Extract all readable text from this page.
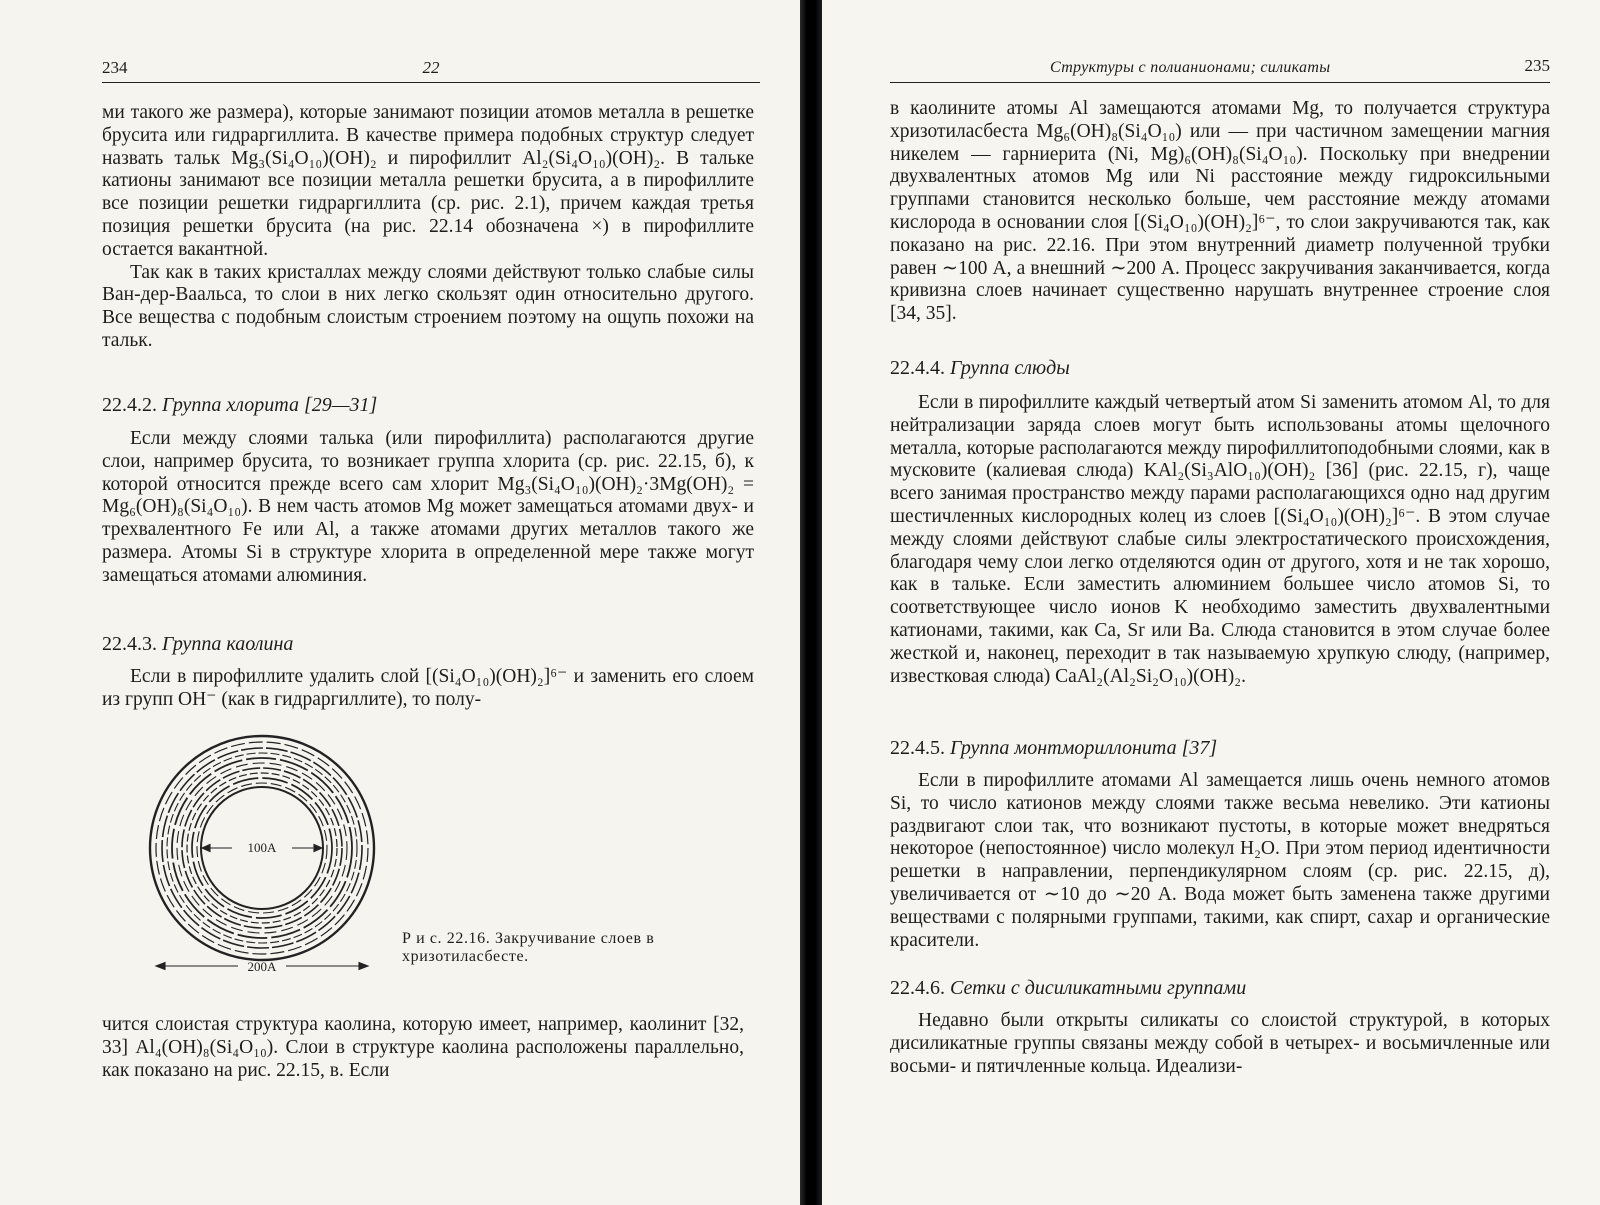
234	22

ми такого же размера), которые занимают позиции атомов металла в решетке брусита или гидраргиллита. В качестве примера подобных структур следует назвать тальк Mg₃(Si₄O₁₀)(OH)₂ и пирофиллит Al₂(Si₄O₁₀)(OH)₂. В тальке катионы занимают все позиции металла решетки брусита, а в пирофиллите все позиции решетки гидраргиллита (ср. рис. 2.1), причем каждая третья позиция решетки брусита (на рис. 22.14 обозначена ×) в пирофиллите остается вакантной.

Так как в таких кристаллах между слоями действуют только слабые силы Ван-дер-Ваальса, то слои в них легко скользят один относительно другого. Все вещества с подобным слоистым строением поэтому на ощупь похожи на тальк.

22.4.2. Группа хлорита [29—31]

Если между слоями талька (или пирофиллита) располагаются другие слои, например брусита, то возникает группа хлорита (ср. рис. 22.15, б), к которой относится прежде всего сам хлорит Mg₃(Si₄O₁₀)(OH)₂·3Mg(OH)₂ = Mg₆(OH)₈(Si₄O₁₀). В нем часть атомов Mg может замещаться атомами двух- и трехвалентного Fe или Al, а также атомами других металлов такого же размера. Атомы Si в структуре хлорита в определенной мере также могут замещаться атомами алюминия.

22.4.3. Группа каолина

Если в пирофиллите удалить слой [(Si₄O₁₀)(OH)₂]⁶⁻ и заменить его слоем из групп OH⁻ (как в гидраргиллите), то полу-

100A
200A
Р и с. 22.16. Закручивание слоев в хризотиласбесте.

чится слоистая структура каолина, которую имеет, например, каолинит [32, 33] Al₄(OH)₈(Si₄O₁₀). Слои в структуре каолина расположены параллельно, как показано на рис. 22.15, в. Если

Структуры с полианионами; силикаты	235

в каолините атомы Al замещаются атомами Mg, то получается структура хризотиласбеста Mg₆(OH)₈(Si₄O₁₀) или — при частичном замещении магния никелем — гарниерита (Ni, Mg)₆(OH)₈(Si₄O₁₀). Поскольку при внедрении двухвалентных атомов Mg или Ni расстояние между гидроксильными группами становится несколько больше, чем расстояние между атомами кислорода в основании слоя [(Si₄O₁₀)(OH)₂]⁶⁻, то слои закручиваются так, как показано на рис. 22.16. При этом внутренний диаметр полученной трубки равен ∼100 А, а внешний ∼200 А. Процесс закручивания заканчивается, когда кривизна слоев начинает существенно нарушать внутреннее строение слоя [34, 35].

22.4.4. Группа слюды

Если в пирофиллите каждый четвертый атом Si заменить атомом Al, то для нейтрализации заряда слоев могут быть использованы атомы щелочного металла, которые располагаются между пирофиллитоподобными слоями, как в мусковите (калиевая слюда) KAl₂(Si₃AlO₁₀)(OH)₂ [36] (рис. 22.15, г), чаще всего занимая пространство между парами располагающихся одно над другим шестичленных кислородных колец из слоев [(Si₄O₁₀)(OH)₂]⁶⁻. В этом случае между слоями действуют слабые силы электростатического происхождения, благодаря чему слои легко отделяются один от другого, хотя и не так хорошо, как в тальке. Если заместить алюминием большее число атомов Si, то соответствующее число ионов K необходимо заместить двухвалентными катионами, такими, как Ca, Sr или Ba. Слюда становится в этом случае более жесткой и, наконец, переходит в так называемую хрупкую слюду, (например, известковая слюда) CaAl₂(Al₂Si₂O₁₀)(OH)₂.

22.4.5. Группа монтмориллонита [37]

Если в пирофиллите атомами Al замещается лишь очень немного атомов Si, то число катионов между слоями также весьма невелико. Эти катионы раздвигают слои так, что возникают пустоты, в которые может внедряться некоторое (непостоянное) число молекул H₂O. При этом период идентичности решетки в направлении, перпендикулярном слоям (ср. рис. 22.15, д), увеличивается от ∼10 до ∼20 А. Вода может быть заменена также другими веществами с полярными группами, такими, как спирт, сахар и органические красители.

22.4.6. Сетки с дисиликатными группами

Недавно были открыты силикаты со слоистой структурой, в которых дисиликатные группы связаны между собой в четырех- и восьмичленные или восьми- и пятичленные кольца. Идеализи-
